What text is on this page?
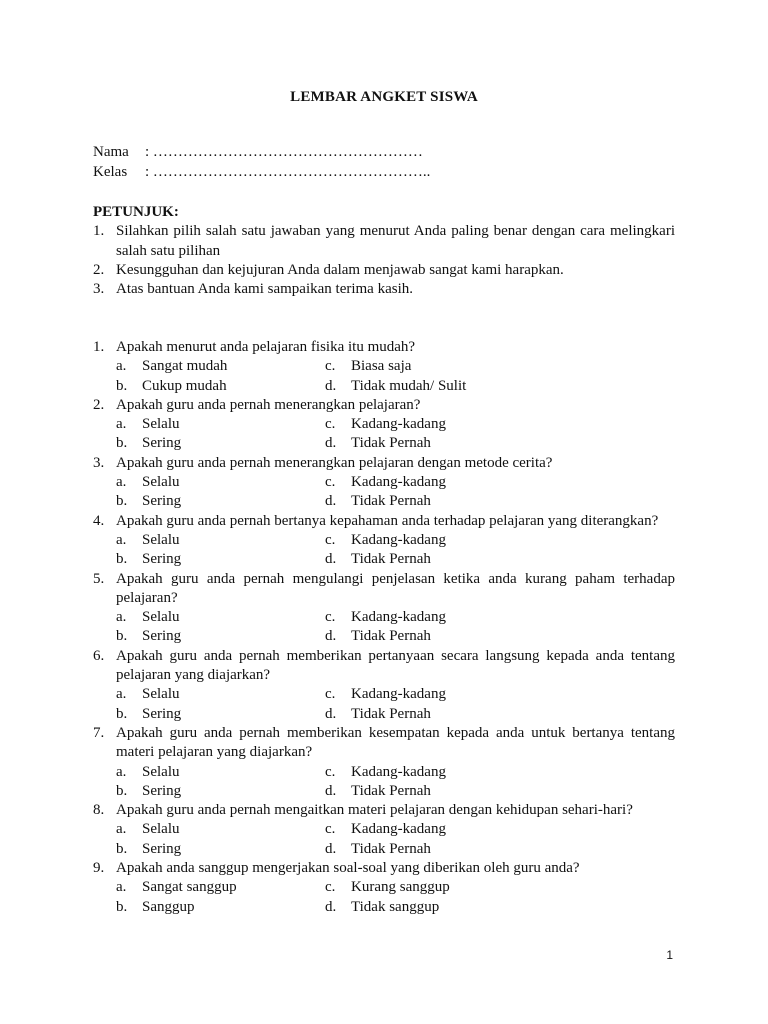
LEMBAR ANGKET SISWA
Nama : ………………………………………………
Kelas : ………………………………………………..
PETUNJUK:
1. Silahkan pilih salah satu jawaban yang menurut Anda paling benar dengan cara melingkari salah satu pilihan
2. Kesungguhan dan kejujuran Anda dalam menjawab sangat kami harapkan.
3. Atas bantuan Anda kami sampaikan terima kasih.
1. Apakah menurut anda pelajaran fisika itu mudah?
a. Sangat mudah	c. Biasa saja
b. Cukup mudah	d. Tidak mudah/ Sulit
2. Apakah guru anda pernah menerangkan pelajaran?
a. Selalu	c. Kadang-kadang
b. Sering	d. Tidak Pernah
3. Apakah guru anda pernah menerangkan pelajaran dengan metode cerita?
a. Selalu	c. Kadang-kadang
b. Sering	d. Tidak Pernah
4. Apakah guru anda pernah bertanya kepahaman anda terhadap pelajaran yang diterangkan?
a. Selalu	c. Kadang-kadang
b. Sering	d. Tidak Pernah
5. Apakah guru anda pernah mengulangi penjelasan ketika anda kurang paham terhadap pelajaran?
a. Selalu	c. Kadang-kadang
b. Sering	d. Tidak Pernah
6. Apakah guru anda pernah memberikan pertanyaan secara langsung kepada anda tentang pelajaran yang diajarkan?
a. Selalu	c. Kadang-kadang
b. Sering	d. Tidak Pernah
7. Apakah guru anda pernah memberikan kesempatan kepada anda untuk bertanya tentang materi pelajaran yang diajarkan?
a. Selalu	c. Kadang-kadang
b. Sering	d. Tidak Pernah
8. Apakah guru anda pernah mengaitkan materi pelajaran dengan kehidupan sehari-hari?
a. Selalu	c. Kadang-kadang
b. Sering	d. Tidak Pernah
9. Apakah anda sanggup mengerjakan soal-soal yang diberikan oleh guru anda?
a. Sangat sanggup	c. Kurang sanggup
b. Sanggup	d. Tidak sanggup
1
